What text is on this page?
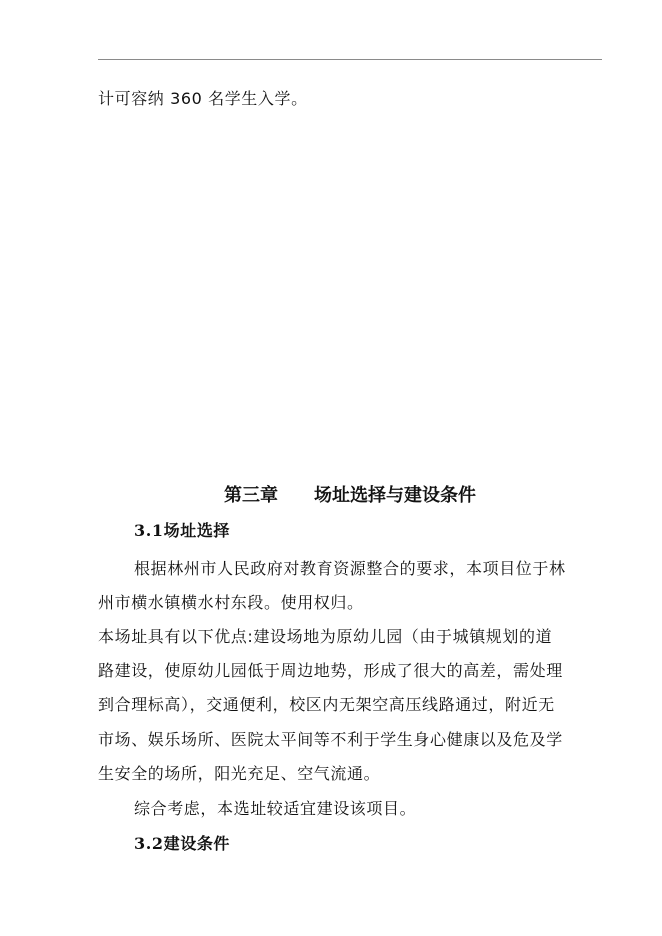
计可容纳 360 名学生入学。
第三章　　场址选择与建设条件
3.1场址选择
根据林州市人民政府对教育资源整合的要求，本项目位于林
州市横水镇横水村东段。使用权归。
本场址具有以下优点:建设场地为原幼儿园（由于城镇规划的道
路建设，使原幼儿园低于周边地势，形成了很大的高差，需处理
到合理标高），交通便利，校区内无架空高压线路通过，附近无
市场、娱乐场所、医院太平间等不利于学生身心健康以及危及学
生安全的场所，阳光充足、空气流通。
综合考虑，本选址较适宜建设该项目。
3.2建设条件
